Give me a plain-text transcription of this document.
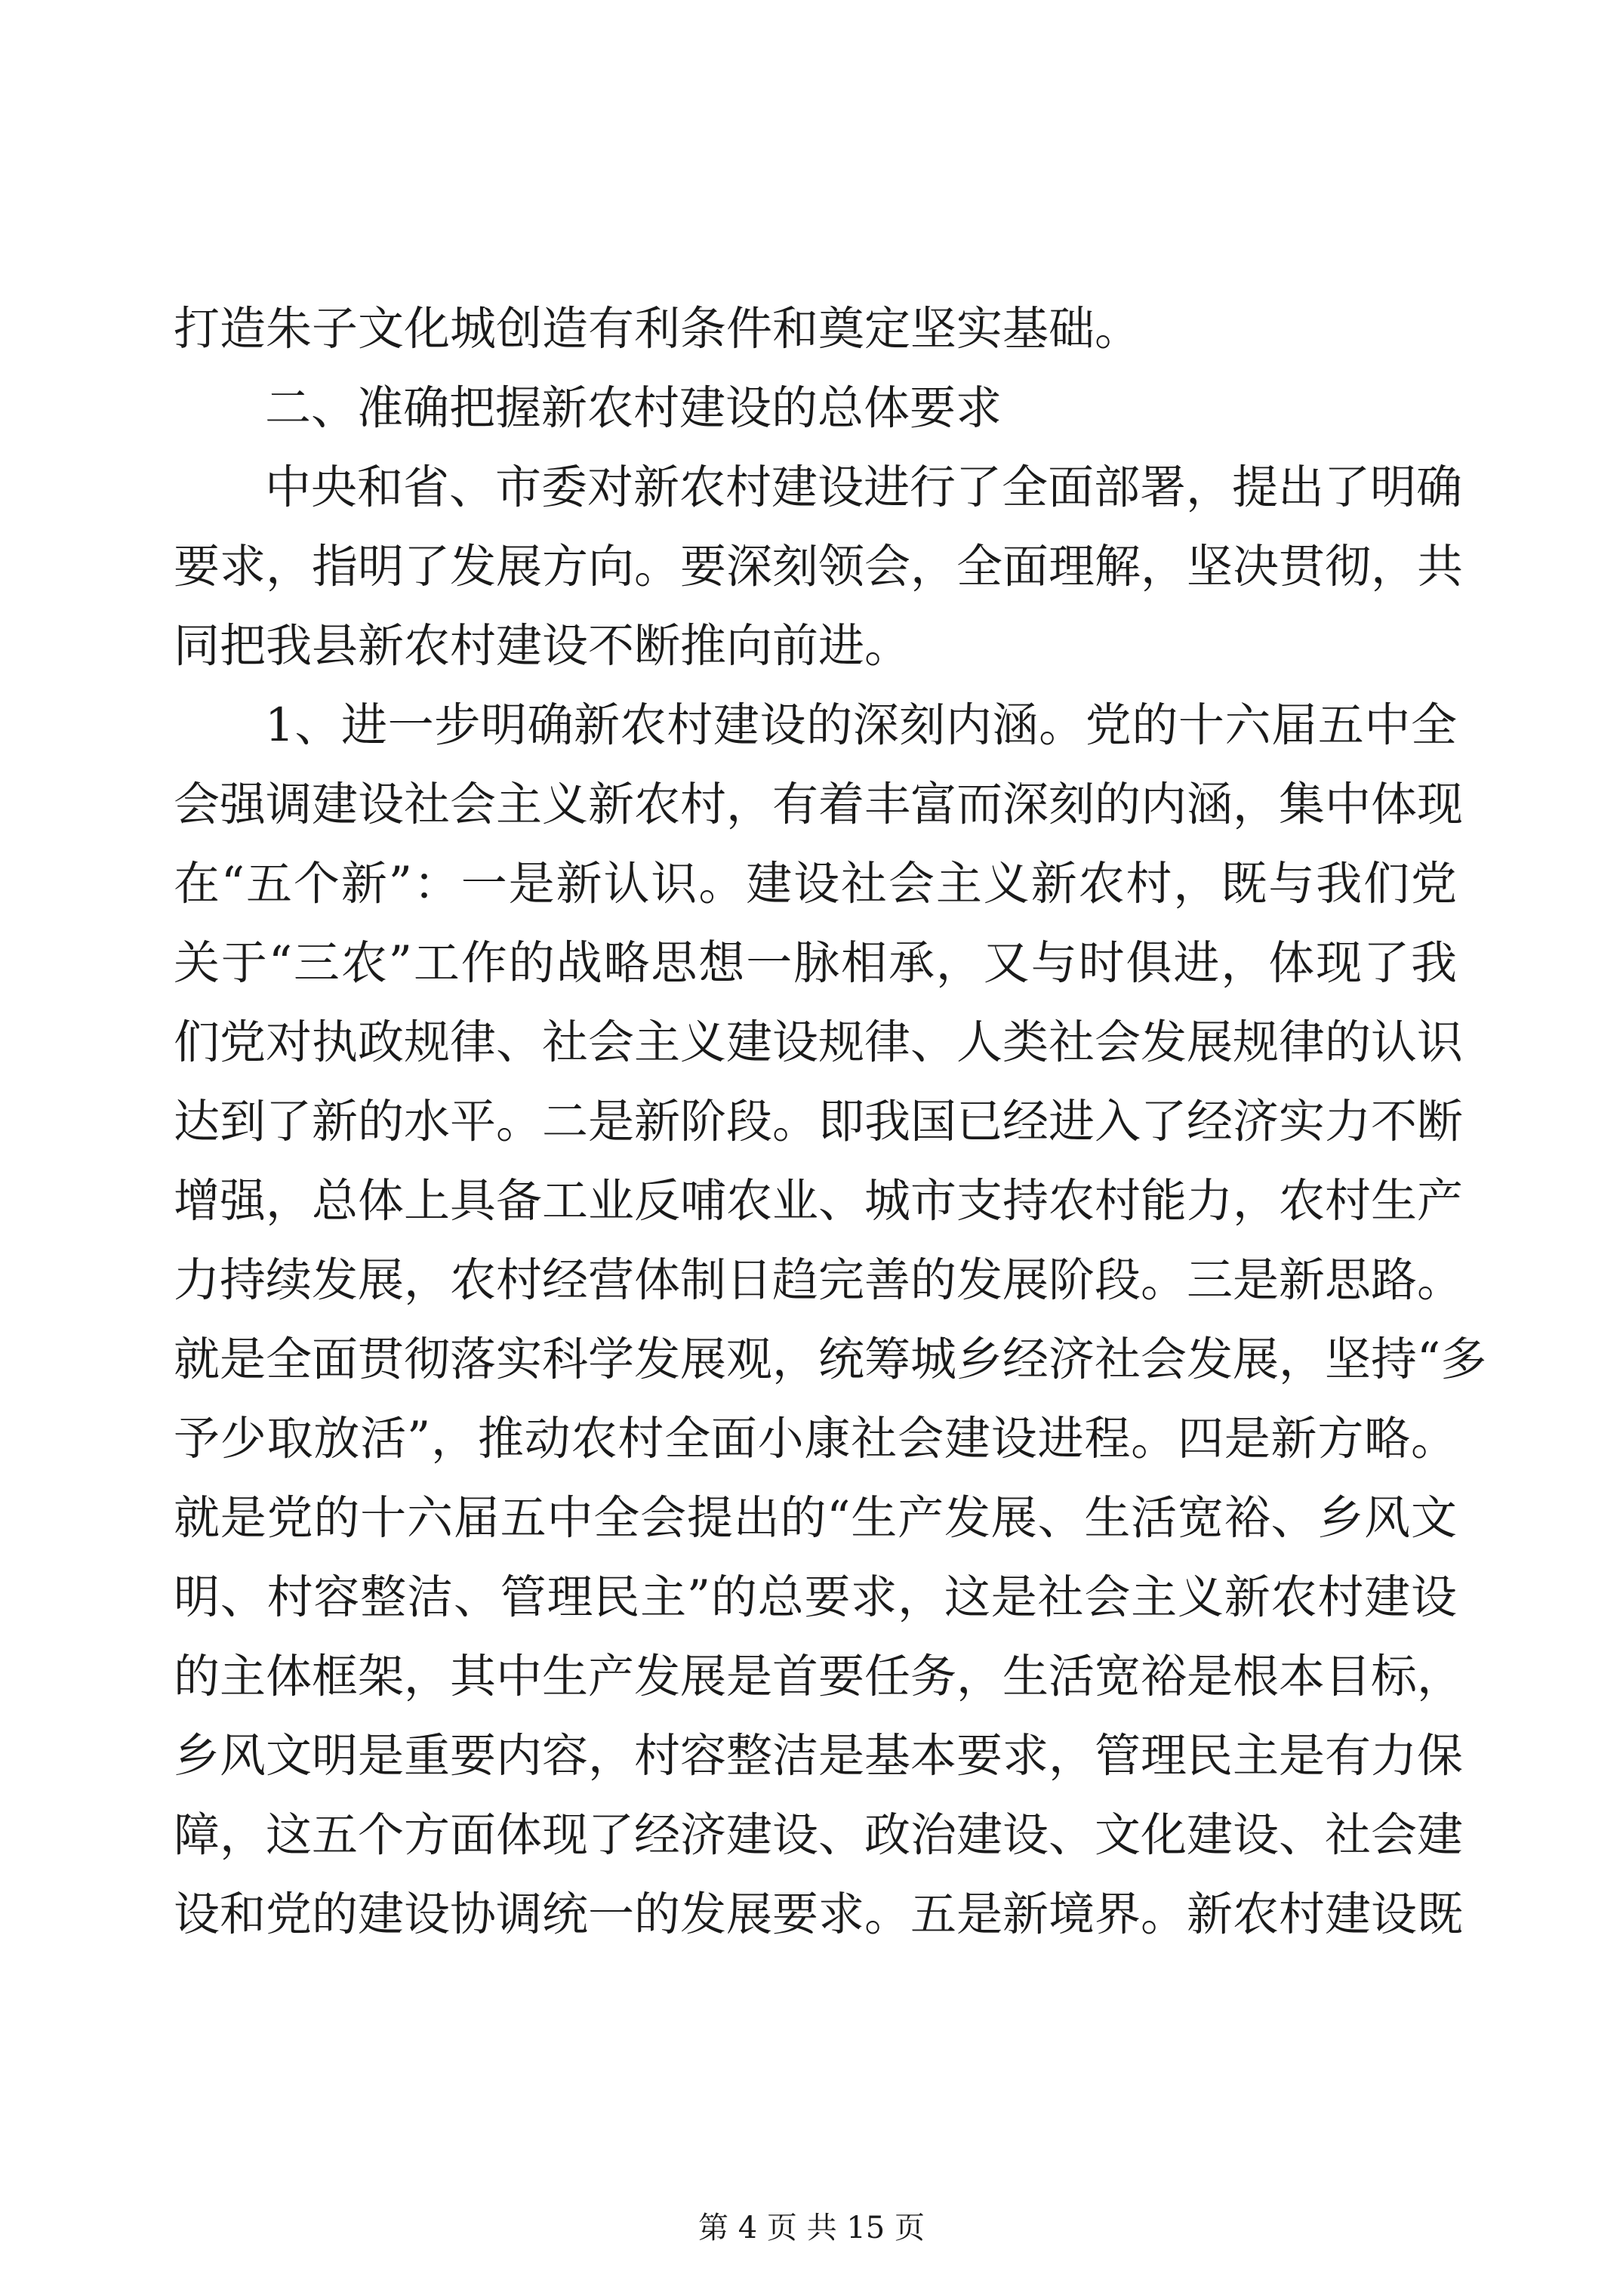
打造朱子文化城创造有利条件和奠定坚实基础。
二、准确把握新农村建设的总体要求
中央和省、市委对新农村建设进行了全面部署，提出了明确
要求，指明了发展方向。要深刻领会，全面理解，坚决贯彻，共
同把我县新农村建设不断推向前进。
1、进一步明确新农村建设的深刻内涵。党的十六届五中全
会强调建设社会主义新农村，有着丰富而深刻的内涵，集中体现
在“五个新”：一是新认识。建设社会主义新农村，既与我们党
关于“三农”工作的战略思想一脉相承，又与时俱进，体现了我
们党对执政规律、社会主义建设规律、人类社会发展规律的认识
达到了新的水平。二是新阶段。即我国已经进入了经济实力不断
增强，总体上具备工业反哺农业、城市支持农村能力，农村生产
力持续发展，农村经营体制日趋完善的发展阶段。三是新思路。
就是全面贯彻落实科学发展观，统筹城乡经济社会发展，坚持“多
予少取放活”，推动农村全面小康社会建设进程。四是新方略。
就是党的十六届五中全会提出的“生产发展、生活宽裕、乡风文
明、村容整洁、管理民主”的总要求，这是社会主义新农村建设
的主体框架，其中生产发展是首要任务，生活宽裕是根本目标，
乡风文明是重要内容，村容整洁是基本要求，管理民主是有力保
障，这五个方面体现了经济建设、政治建设、文化建设、社会建
设和党的建设协调统一的发展要求。五是新境界。新农村建设既
第 4 页 共 15 页
